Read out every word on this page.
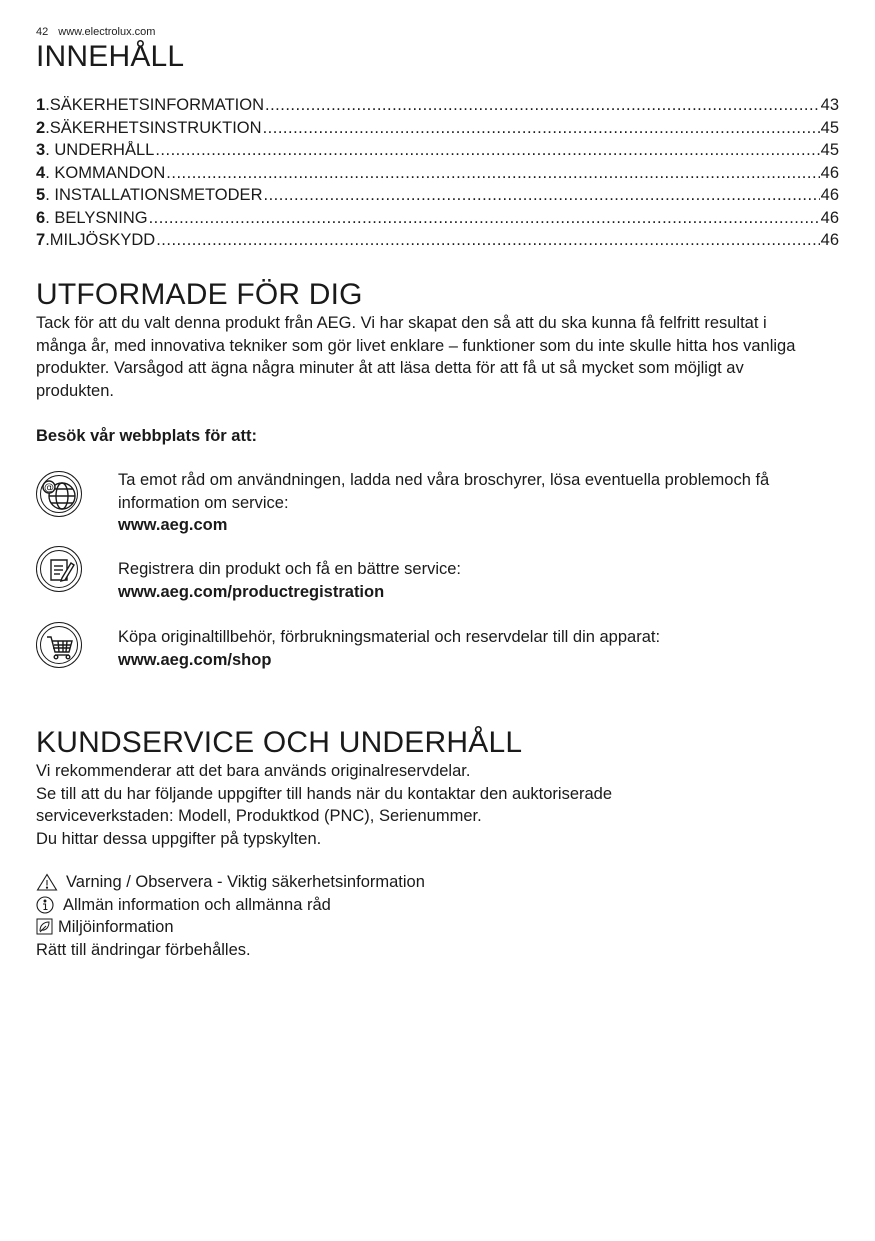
42 www.electrolux.com
INNEHÅLL
1 . SÄKERHETSINFORMATION .....	43
2 . SÄKERHETSINSTRUKTION .....	45
3 . UNDERHÅLL .....	45
4 . KOMMANDON .....	46
5 . INSTALLATIONSMETODER .....	46
6 . BELYSNING .....	46
7 . MILJÖSKYDD .....	46
UTFORMADE FÖR DIG
Tack för att du valt denna produkt från AEG. Vi har skapat den så att du ska kunna få felfritt resultat i många år, med innovativa tekniker som gör livet enklare – funktioner som du inte skulle hitta hos vanliga produkter. Varsågod att ägna några minuter åt att läsa detta för att få ut så mycket som möjligt av produkten.
Besök vår webbplats för att:
@	Ta emot råd om användningen, ladda ned våra broschyrer, lösa eventuella problemoch få information om service:
www.aeg.com
Registrera din produkt och få en bättre service:
www.aeg.com/productregistration
Köpa originaltillbehör, förbrukningsmaterial och reservdelar till din apparat:
www.aeg.com/shop
KUNDSERVICE OCH UNDERHÅLL
Vi rekommenderar att det bara används originalreservdelar.
Se till att du har följande uppgifter till hands när du kontaktar den auktoriserade serviceverkstaden: Modell, Produktkod (PNC), Serienummer.
Du hittar dessa uppgifter på typskylten.
Varning / Observera - Viktig säkerhetsinformation
Allmän information och allmänna råd
Miljöinformation
Rätt till ändringar förbehålles.
